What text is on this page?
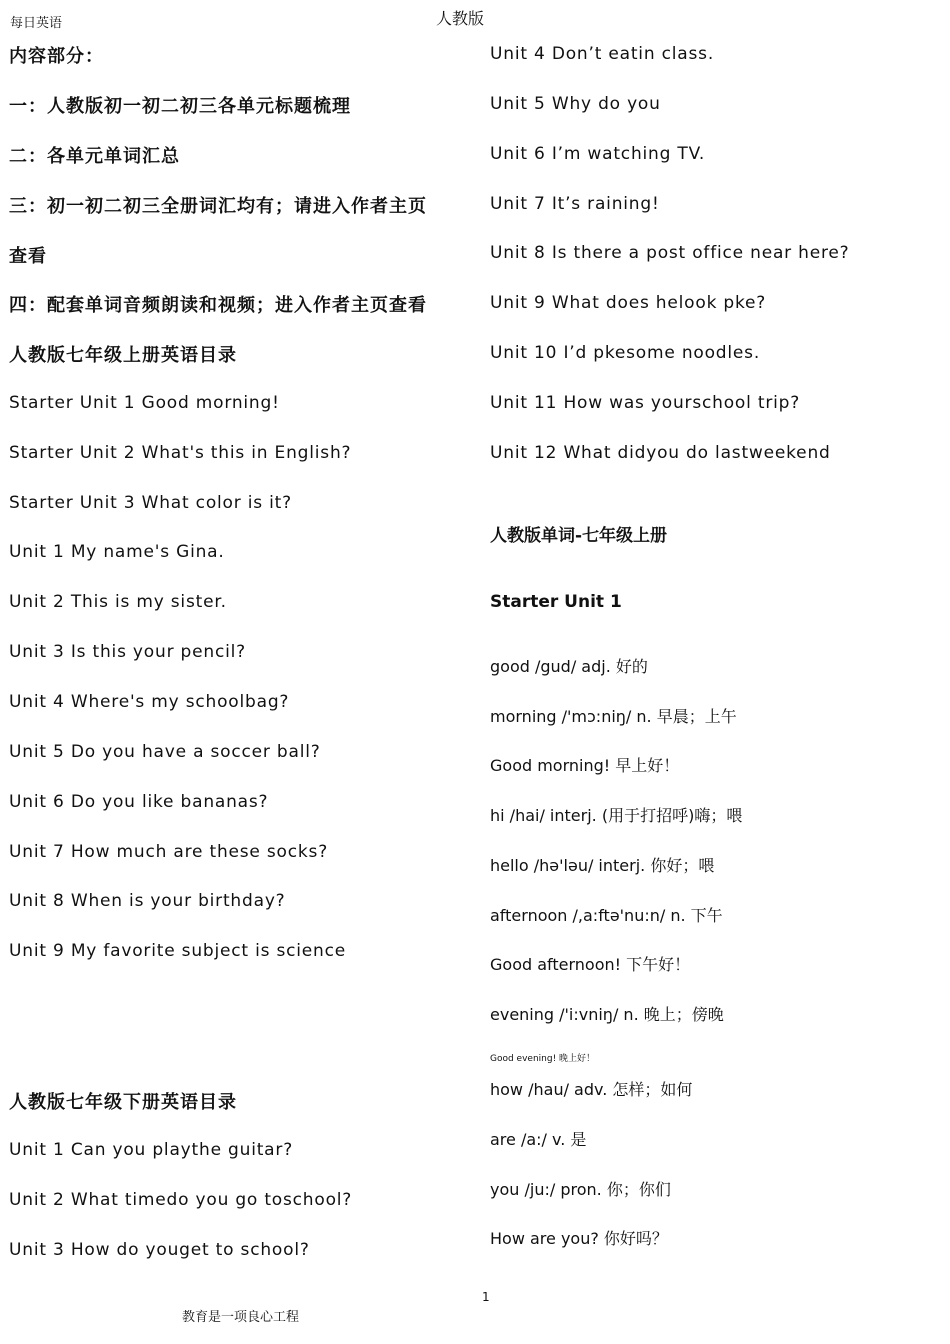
每日英语	人教版
内容部分：
一：人教版初一初二初三各单元标题梳理
二：各单元单词汇总
三：初一初二初三全册词汇均有；请进入作者主页
查看
四：配套单词音频朗读和视频；进入作者主页查看
人教版七年级上册英语目录
Starter Unit 1 Good morning!
Starter Unit 2 What's this in English?
Starter Unit 3 What color is it?
Unit 1 My name's Gina.
Unit 2 This is my sister.
Unit 3 Is this your pencil?
Unit 4 Where's my schoolbag?
Unit 5 Do you have a soccer ball?
Unit 6 Do you like bananas?
Unit 7 How much are these socks?
Unit 8 When is your birthday?
Unit 9 My favorite subject is science
人教版七年级下册英语目录
Unit 1 Can you playthe guitar?
Unit 2 What timedo you go toschool?
Unit 3 How do youget to school?
Unit 4 Don’t eatin class.
Unit 5 Why do you
Unit 6 I’m watching TV.
Unit 7 It’s raining!
Unit 8 Is there a post office near here?
Unit 9 What does helook pke?
Unit 10 I’d pkesome noodles.
Unit 11 How was yourschool trip?
Unit 12 What didyou do lastweekend
人教版单词-七年级上册
Starter Unit 1
good /gud/ adj. 好的
morning /'mɔ:niŋ/ n. 早晨；上午
Good morning! 早上好！
hi /hai/ interj. (用于打招呼)嗨；喂
hello /hə'ləu/ interj. 你好；喂
afternoon /,a:ftə'nu:n/ n. 下午
Good afternoon! 下午好！
evening /'i:vniŋ/ n. 晚上；傍晚
Good evening! 晚上好！
how /hau/ adv. 怎样；如何
are /a:/ v. 是
you /ju:/ pron. 你；你们
How are you? 你好吗？
1
教育是一项良心工程
